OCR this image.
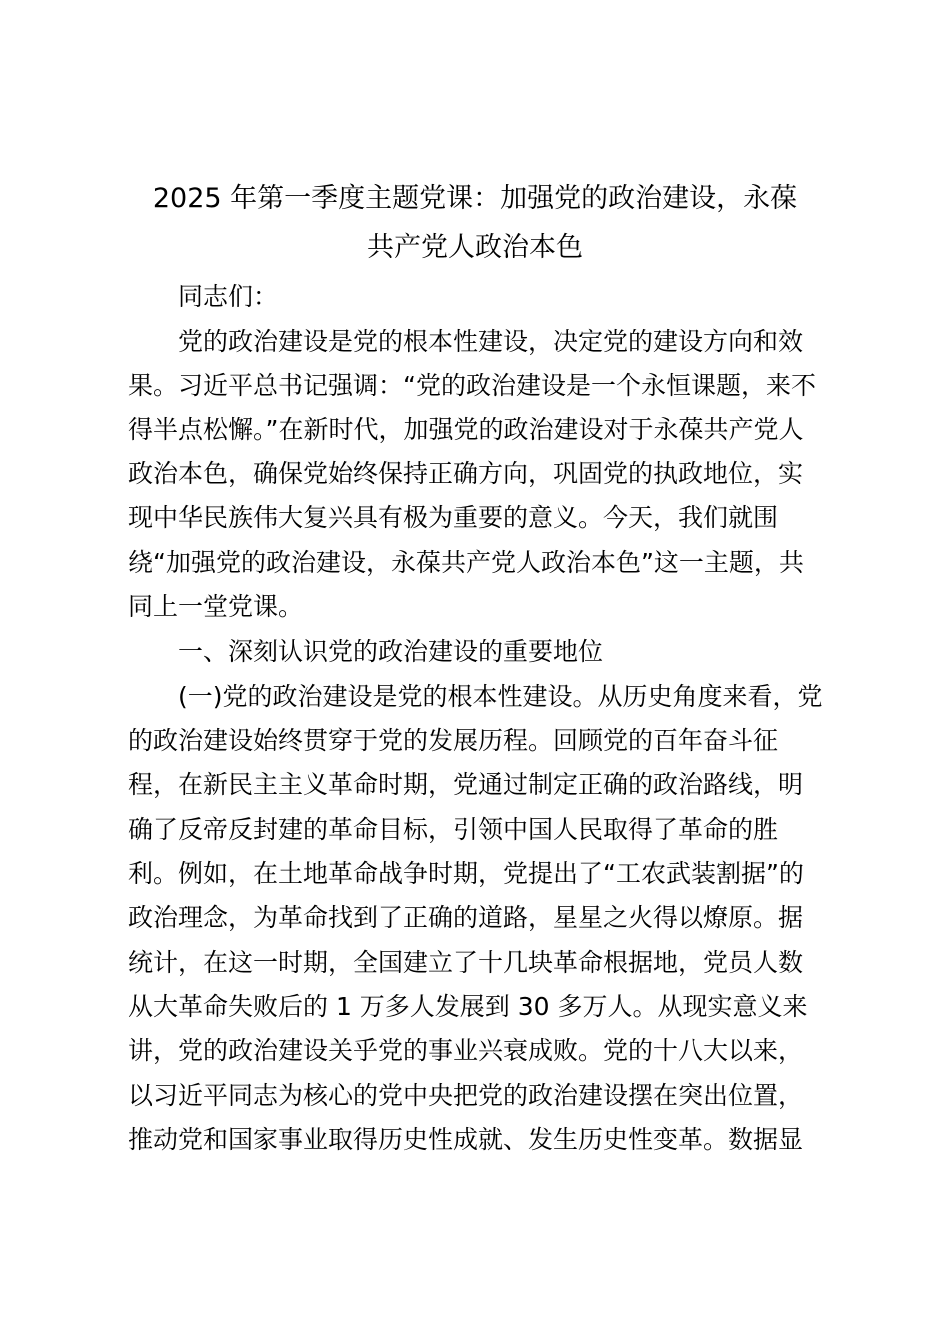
2025 年第一季度主题党课：加强党的政治建设，永葆
共产党人政治本色
同志们：
党的政治建设是党的根本性建设，决定党的建设方向和效
果。习近平总书记强调：“党的政治建设是一个永恒课题，来不
得半点松懈。”在新时代，加强党的政治建设对于永葆共产党人
政治本色，确保党始终保持正确方向，巩固党的执政地位，实
现中华民族伟大复兴具有极为重要的意义。今天，我们就围
绕“加强党的政治建设，永葆共产党人政治本色”这一主题，共
同上一堂党课。
一、深刻认识党的政治建设的重要地位
(一)党的政治建设是党的根本性建设。从历史角度来看，党
的政治建设始终贯穿于党的发展历程。回顾党的百年奋斗征
程，在新民主主义革命时期，党通过制定正确的政治路线，明
确了反帝反封建的革命目标，引领中国人民取得了革命的胜
利。例如，在土地革命战争时期，党提出了“工农武装割据”的
政治理念，为革命找到了正确的道路，星星之火得以燎原。据
统计，在这一时期，全国建立了十几块革命根据地，党员人数
从大革命失败后的 1 万多人发展到 30 多万人。从现实意义来
讲，党的政治建设关乎党的事业兴衰成败。党的十八大以来，
以习近平同志为核心的党中央把党的政治建设摆在突出位置，
推动党和国家事业取得历史性成就、发生历史性变革。数据显
